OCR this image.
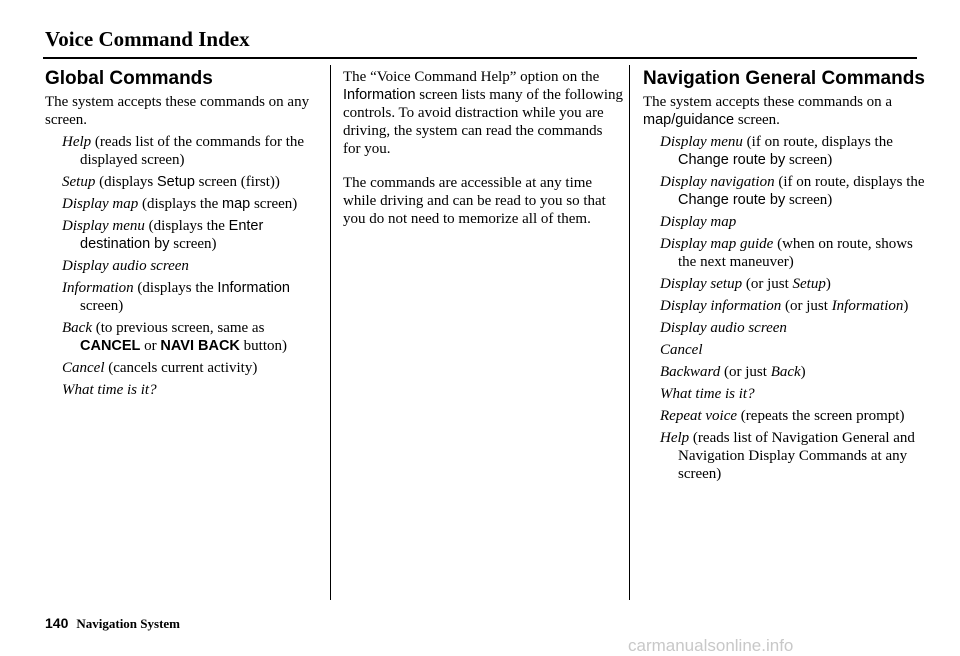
Voice Command Index
Global Commands

The system accepts these commands on any screen.

Help (reads list of the commands for the displayed screen)

Setup (displays Setup screen (first))

Display map (displays the map screen)

Display menu (displays the Enter destination by screen)

Display audio screen

Information (displays the Information screen)

Back (to previous screen, same as CANCEL or NAVI BACK button)

Cancel (cancels current activity)

What time is it?

The “Voice Command Help” option on the Information screen lists many of the following controls. To avoid distraction while you are driving, the system can read the commands for you.

The commands are accessible at any time while driving and can be read to you so that you do not need to memorize all of them.

Navigation General Commands

The system accepts these commands on a map/guidance screen.

Display menu (if on route, displays the Change route by screen)

Display navigation (if on route, displays the Change route by screen)

Display map

Display map guide (when on route, shows the next maneuver)

Display setup (or just Setup)

Display information (or just Information)

Display audio screen

Cancel

Backward (or just Back)

What time is it?

Repeat voice (repeats the screen prompt)

Help (reads list of Navigation General and Navigation Display Commands at any screen)

140 Navigation System
carmanualsonline.info
